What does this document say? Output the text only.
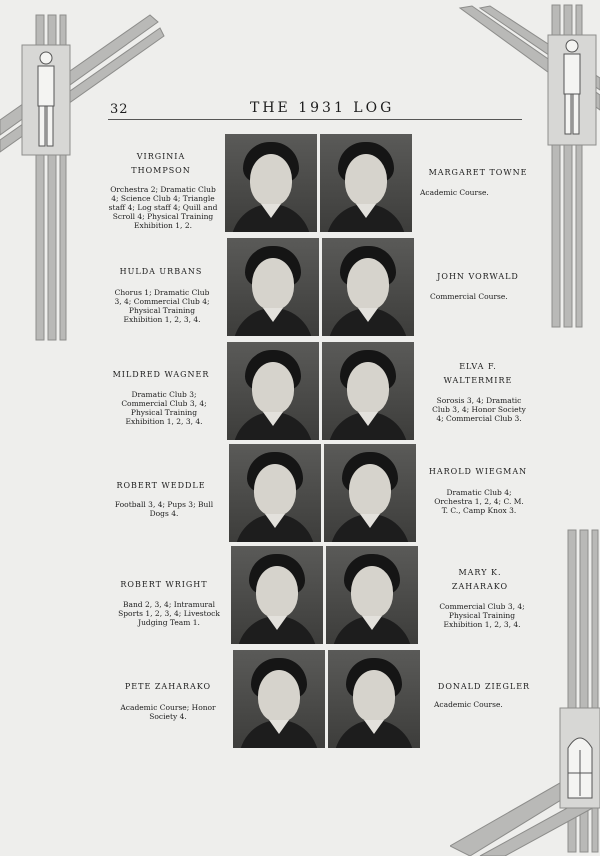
32	THE 1931 LOG
VIRGINIA
THOMPSON
Orchestra 2; Dramatic Club 4; Science Club 4; Triangle staff 4; Log staff 4; Quill and Scroll 4; Physical Training Exhibition 1, 2.
MARGARET TOWNE
Academic Course.
HULDA URBANS
Chorus 1; Dramatic Club 3, 4; Commercial Club 4; Physical Training Exhibition 1, 2, 3, 4.
JOHN VORWALD
Commercial Course.
MILDRED WAGNER
Dramatic Club 3; Commercial Club 3, 4; Physical Training Exhibition 1, 2, 3, 4.
ELVA F.
WALTERMIRE
Sorosis 3, 4; Dramatic Club 3, 4; Honor Society 4; Commercial Club 3.
ROBERT WEDDLE
Football 3, 4; Pups 3; Bull Dogs 4.
HAROLD WIEGMAN
Dramatic Club 4; Orchestra 1, 2, 4; C. M. T. C., Camp Knox 3.
ROBERT WRIGHT
Band 2, 3, 4; Intramural Sports 1, 2, 3, 4; Livestock Judging Team 1.
MARY K.
ZAHARAKO
Commercial Club 3, 4; Physical Training Exhibition 1, 2, 3, 4.
PETE ZAHARAKO
Academic Course; Honor Society 4.
DONALD ZIEGLER
Academic Course.
